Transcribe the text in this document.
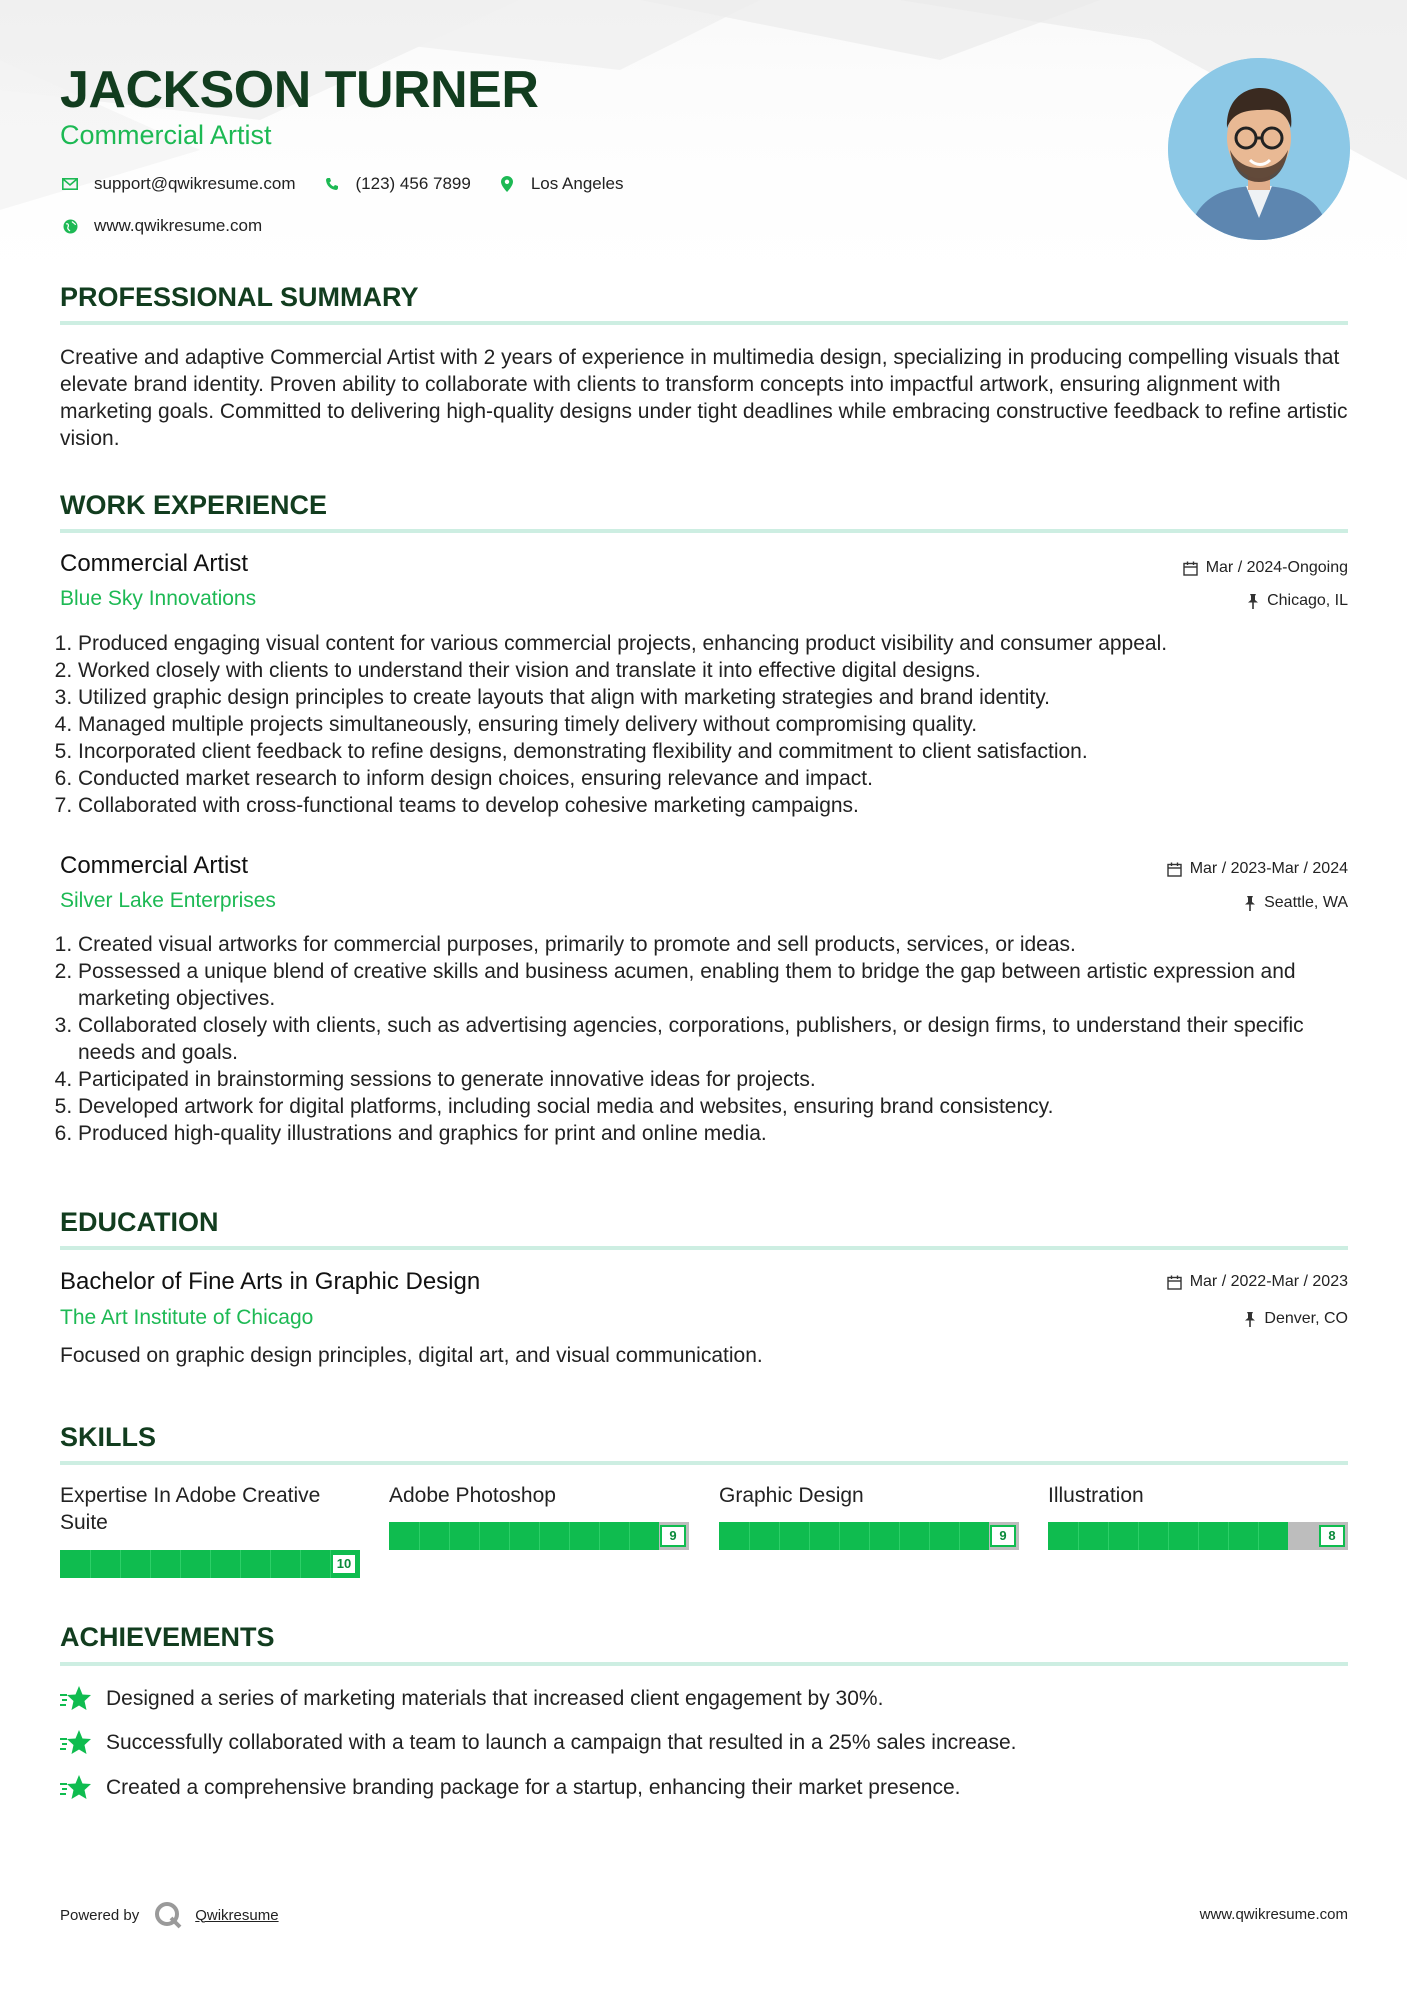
JACKSON TURNER
Commercial Artist
support@qwikresume.com	(123) 456 7899	Los Angeles
www.qwikresume.com
PROFESSIONAL SUMMARY
Creative and adaptive Commercial Artist with 2 years of experience in multimedia design, specializing in producing compelling visuals that elevate brand identity. Proven ability to collaborate with clients to transform concepts into impactful artwork, ensuring alignment with marketing goals. Committed to delivering high-quality designs under tight deadlines while embracing constructive feedback to refine artistic vision.
WORK EXPERIENCE
Commercial Artist	Mar / 2024-Ongoing
Blue Sky Innovations	Chicago, IL
1. Produced engaging visual content for various commercial projects, enhancing product visibility and consumer appeal.
2. Worked closely with clients to understand their vision and translate it into effective digital designs.
3. Utilized graphic design principles to create layouts that align with marketing strategies and brand identity.
4. Managed multiple projects simultaneously, ensuring timely delivery without compromising quality.
5. Incorporated client feedback to refine designs, demonstrating flexibility and commitment to client satisfaction.
6. Conducted market research to inform design choices, ensuring relevance and impact.
7. Collaborated with cross-functional teams to develop cohesive marketing campaigns.
Commercial Artist	Mar / 2023-Mar / 2024
Silver Lake Enterprises	Seattle, WA
1. Created visual artworks for commercial purposes, primarily to promote and sell products, services, or ideas.
2. Possessed a unique blend of creative skills and business acumen, enabling them to bridge the gap between artistic expression and marketing objectives.
3. Collaborated closely with clients, such as advertising agencies, corporations, publishers, or design firms, to understand their specific needs and goals.
4. Participated in brainstorming sessions to generate innovative ideas for projects.
5. Developed artwork for digital platforms, including social media and websites, ensuring brand consistency.
6. Produced high-quality illustrations and graphics for print and online media.
EDUCATION
Bachelor of Fine Arts in Graphic Design	Mar / 2022-Mar / 2023
The Art Institute of Chicago	Denver, CO
Focused on graphic design principles, digital art, and visual communication.
SKILLS
Expertise In Adobe Creative Suite
10
Adobe Photoshop
9
Graphic Design
9
Illustration
8
ACHIEVEMENTS
Designed a series of marketing materials that increased client engagement by 30%.
Successfully collaborated with a team to launch a campaign that resulted in a 25% sales increase.
Created a comprehensive branding package for a startup, enhancing their market presence.
Powered by	Qwikresume	www.qwikresume.com
